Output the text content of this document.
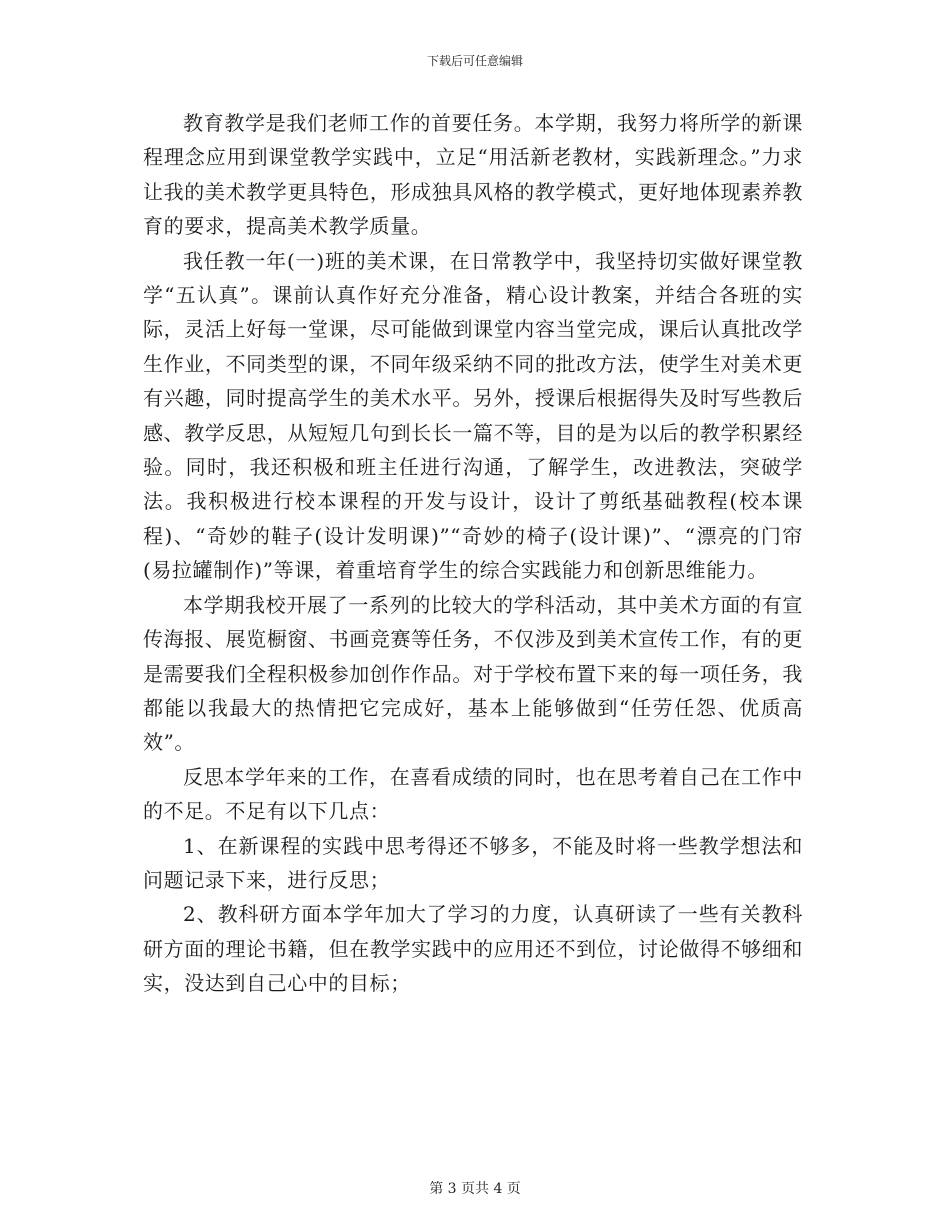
下载后可任意编辑

教育教学是我们老师工作的首要任务。本学期，我努力将所学的新课程理念应用到课堂教学实践中，立足“用活新老教材，实践新理念。”力求让我的美术教学更具特色，形成独具风格的教学模式，更好地体现素养教育的要求，提高美术教学质量。

我任教一年(一)班的美术课，在日常教学中，我坚持切实做好课堂教学“五认真”。课前认真作好充分准备，精心设计教案，并结合各班的实际，灵活上好每一堂课，尽可能做到课堂内容当堂完成，课后认真批改学生作业，不同类型的课，不同年级采纳不同的批改方法，使学生对美术更有兴趣，同时提高学生的美术水平。另外，授课后根据得失及时写些教后感、教学反思，从短短几句到长长一篇不等，目的是为以后的教学积累经验。同时，我还积极和班主任进行沟通，了解学生，改进教法，突破学法。我积极进行校本课程的开发与设计，设计了剪纸基础教程(校本课程)、“奇妙的鞋子(设计发明课)”“奇妙的椅子(设计课)”、“漂亮的门帘(易拉罐制作)”等课，着重培育学生的综合实践能力和创新思维能力。

本学期我校开展了一系列的比较大的学科活动，其中美术方面的有宣传海报、展览橱窗、书画竞赛等任务，不仅涉及到美术宣传工作，有的更是需要我们全程积极参加创作作品。对于学校布置下来的每一项任务，我都能以我最大的热情把它完成好，基本上能够做到“任劳任怨、优质高效”。

反思本学年来的工作，在喜看成绩的同时，也在思考着自己在工作中的不足。不足有以下几点：

1、在新课程的实践中思考得还不够多，不能及时将一些教学想法和问题记录下来，进行反思；

2、教科研方面本学年加大了学习的力度，认真研读了一些有关教科研方面的理论书籍，但在教学实践中的应用还不到位，讨论做得不够细和实，没达到自己心中的目标；

第 3 页共 4 页
